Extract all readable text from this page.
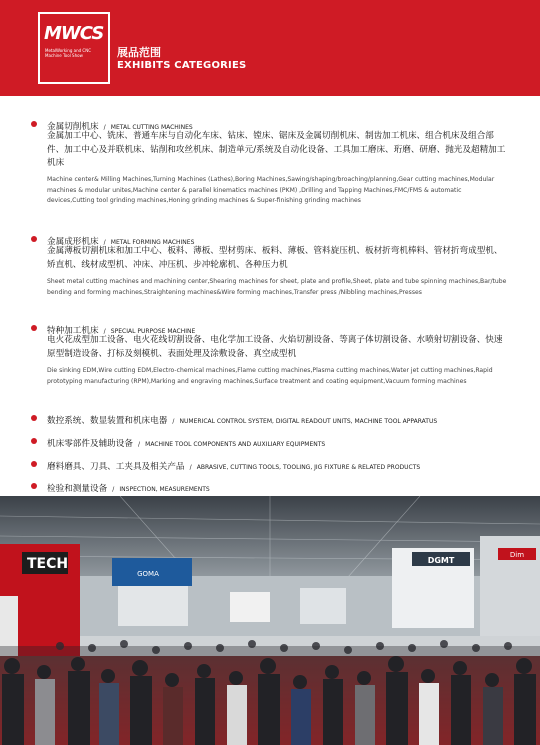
MWCS
MetalWorking and CNC Machine Tool Show	展品范围
EXHIBITS CATEGORIES
金属切削机床 / METAL CUTTING MACHINES
金属加工中心、铣床、普通车床与自动化车床、钻床、镗床、锯床及金属切削机床、制齿加工机床、组合机床及组合部件、加工中心及并联机床、钻削和攻丝机床、制造单元/系统及自动化设备、工具加工磨床、珩磨、研磨、抛光及超精加工机床
Machine center& Milling Machines,Turning Machines (Lathes),Boring Machines,Sawing/shaping/broaching/planning,Gear cutting machines,Modular machines & modular unites,Machine center & parallel kinematics machines (PKM) ,Drilling and Tapping Machines,FMC/FMS & automatic devices,Cutting tool grinding machines,Honing grinding machines & Super-finishing grinding machines
金属成形机床 / METAL FORMING MACHINES
金属薄板切割机床和加工中心、板料、薄板、型材剪床、板料、薄板、管料旋压机、板材折弯机棒料、管材折弯成型机、矫直机、线材成型机、冲床、冲压机、步冲轮廓机、各种压力机
Sheet metal cutting machines and machining center,Shearing machines for sheet, plate and profile,Sheet, plate and tube spinning machines,Bar/tube bending and forming machines,Straightening machines&Wire forming machines,Transfer press /Nibbling machines,Presses
特种加工机床 / SPECIAL PURPOSE MACHINE
电火花成型加工设备、电火花线切割设备、电化学加工设备、火焰切割设备、等离子体切割设备、水喷射切割设备、快速原型制造设备、打标及刻模机、表面处理及涂敷设备、真空成型机
Die sinking EDM,Wire cutting EDM,Electro-chemical machines,Flame cutting machines,Plasma cutting machines,Water jet cutting machines,Rapid prototyping manufacturing (RPM),Marking and engraving machines,Surface treatment and coating equipment,Vacuum forming machines
数控系统、数显装置和机床电器 / NUMERICAL CONTROL SYSTEM, DIGITAL READOUT UNITS, MACHINE TOOL APPARATUS
机床零部件及辅助设备 / MACHINE TOOL COMPONENTS AND AUXILIARY EQUIPMENTS
磨料磨具、刀具、工夹具及相关产品 / ABRASIVE, CUTTING TOOLS, TOOLING, JIG FIXTURE & RELATED PRODUCTS
检验和测量设备 / INSPECTION, MEASUREMENTS
TECH
GOMA
DGMT
Dim
